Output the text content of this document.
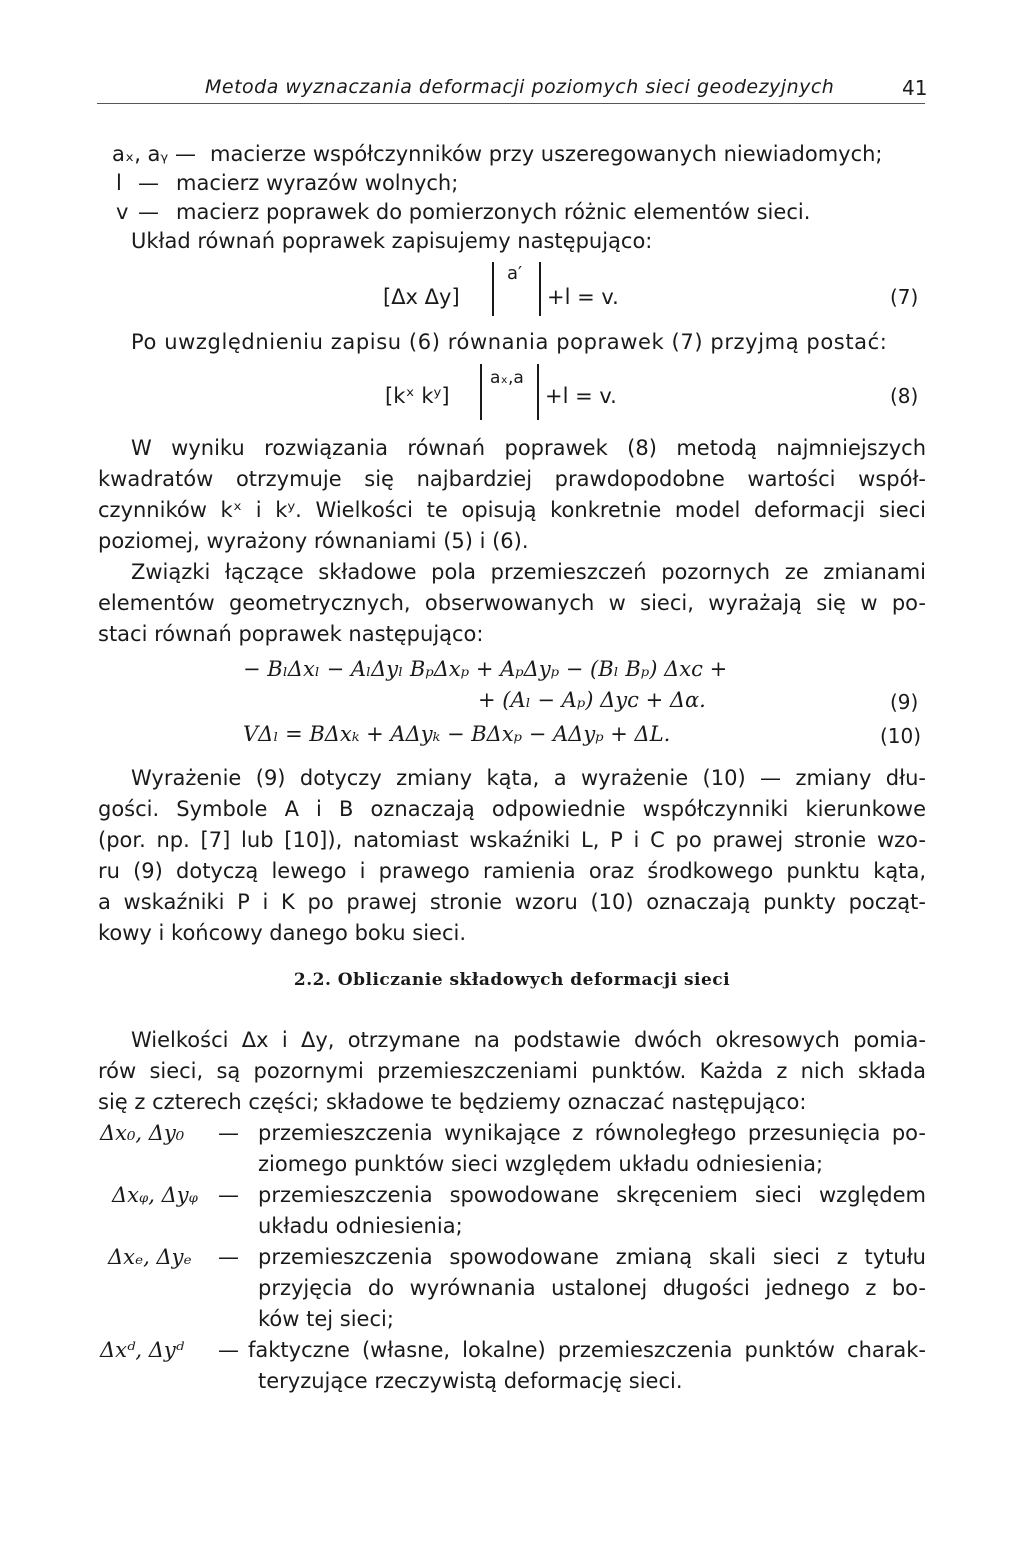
Metoda wyznaczania deformacji poziomych sieci geodezyjnych	41
aₓ, aᵧ — macierze współczynników przy uszeregowanych niewiadomych;
l — macierz wyrazów wolnych;
v — macierz poprawek do pomierzonych różnic elementów sieci.
Układ równań poprawek zapisujemy następująco:
[Δx Δy]
a′
+l = v.	(7)
Po uwzględnieniu zapisu (6) równania poprawek (7) przyjmą postać:
[kˣ kʸ]
aₓ,a
+l = v.	(8)
W wyniku rozwiązania równań poprawek (8) metodą najmniejszych
kwadratów otrzymuje się najbardziej prawdopodobne wartości współ-
czynników kˣ i kʸ. Wielkości te opisują konkretnie model deformacji sieci
poziomej, wyrażony równaniami (5) i (6).
Związki łączące składowe pola przemieszczeń pozornych ze zmianami
elementów geometrycznych, obserwowanych w sieci, wyrażają się w po-
staci równań poprawek następująco:
− BₗΔxₗ − AₗΔyₗ BₚΔxₚ + AₚΔyₚ − (Bₗ Bₚ) Δxᴄ +
+ (Aₗ − Aₚ) Δyᴄ + Δα.	(9)
VΔₗ = BΔxₖ + AΔyₖ − BΔxₚ − AΔyₚ + ΔL.	(10)
Wyrażenie (9) dotyczy zmiany kąta, a wyrażenie (10) — zmiany dłu-
gości. Symbole A i B oznaczają odpowiednie współczynniki kierunkowe
(por. np. [7] lub [10]), natomiast wskaźniki L, P i C po prawej stronie wzo-
ru (9) dotyczą lewego i prawego ramienia oraz środkowego punktu kąta,
a wskaźniki P i K po prawej stronie wzoru (10) oznaczają punkty począt-
kowy i końcowy danego boku sieci.
2.2. Obliczanie składowych deformacji sieci
Wielkości Δx i Δy, otrzymane na podstawie dwóch okresowych pomia-
rów sieci, są pozornymi przemieszczeniami punktów. Każda z nich składa
się z czterech części; składowe te będziemy oznaczać następująco:
Δx₀, Δy₀ — przemieszczenia wynikające z równoległego przesunięcia po-
ziomego punktów sieci względem układu odniesienia;
Δxᵩ, Δyᵩ — przemieszczenia spowodowane skręceniem sieci względem
układu odniesienia;
Δxₑ, Δyₑ — przemieszczenia spowodowane zmianą skali sieci z tytułu
przyjęcia do wyrównania ustalonej długości jednego z bo-
ków tej sieci;
Δxᵈ, Δyᵈ — faktyczne (własne, lokalne) przemieszczenia punktów charak-
teryzujące rzeczywistą deformację sieci.
